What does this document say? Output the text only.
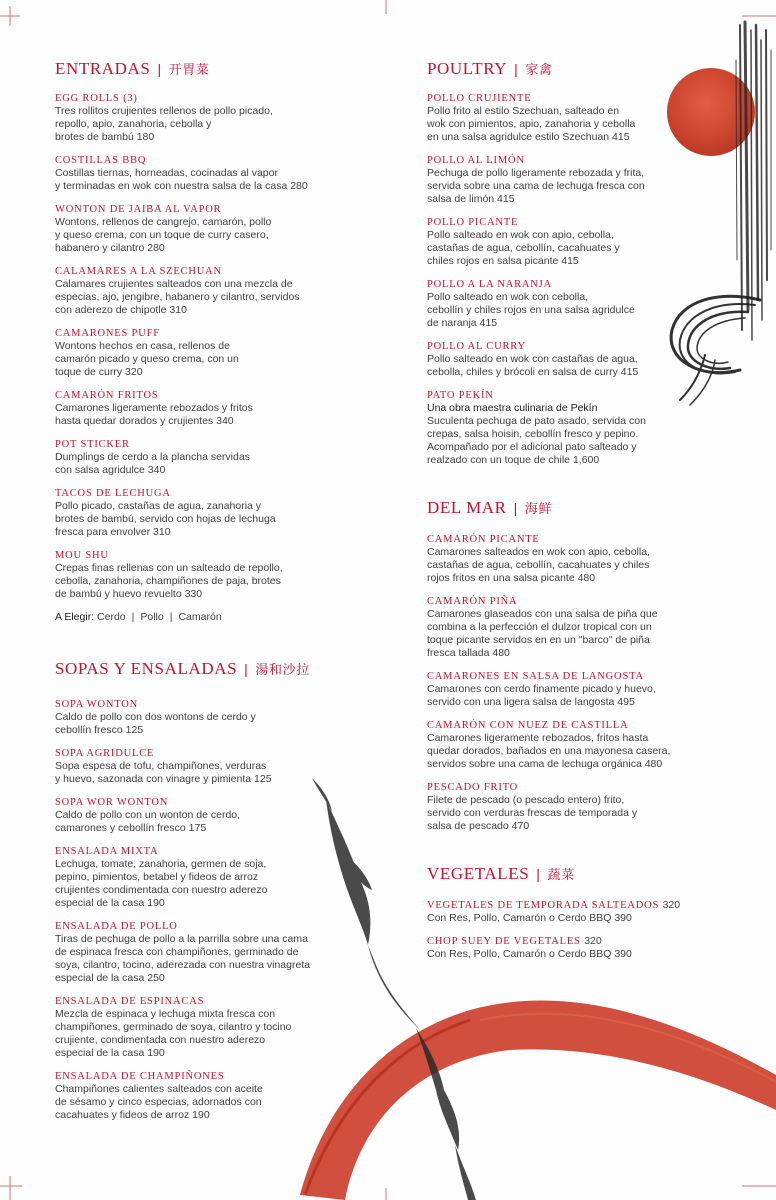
ENTRADAS | 开胃菜
EGG ROLLS (3)
Tres rollitos crujientes rellenos de pollo picado,
repollo, apio, zanahoria, cebolla y
brotes de bambú 180
COSTILLAS BBQ
Costillas tiernas, horneadas, cocinadas al vapor
y terminadas en wok con nuestra salsa de la casa 280
WONTON DE JAIBA AL VAPOR
Wontons, rellenos de cangrejo, camarón, pollo
y queso crema, con un toque de curry casero,
habanero y cilantro 280
CALAMARES A LA SZECHUAN
Calamares crujientes salteados con una mezcla de
especias, ajo, jengibre, habanero y cilantro, servidos
con aderezo de chipotle 310
CAMARONES PUFF
Wontons hechos en casa, rellenos de
camarón picado y queso crema, con un
toque de curry 320
CAMARÓN FRITOS
Camarones ligeramente rebozados y fritos
hasta quedar dorados y crujientes 340
POT STICKER
Dumplings de cerdo a la plancha servidas
con salsa agridulce 340
TACOS DE LECHUGA
Pollo picado, castañas de agua, zanahoria y
brotes de bambú, servido con hojas de lechuga
fresca para envolver 310
MOU SHU
Crepas finas rellenas con un salteado de repollo,
cebolla, zanahoria, champiñones de paja, brotes
de bambú y huevo revuelto 330
A Elegir: Cerdo | Pollo | Camarón
SOPAS Y ENSALADAS | 湯和沙拉
SOPA WONTON
Caldo de pollo con dos wontons de cerdo y
cebollín fresco 125
SOPA AGRIDULCE
Sopa espesa de tofu, champiñones, verduras
y huevo, sazonada con vinagre y pimienta 125
SOPA WOR WONTON
Caldo de pollo con un wonton de cerdo,
camarones y cebollín fresco 175
ENSALADA MIXTA
Lechuga, tomate, zanahoria, germen de soja,
pepino, pimientos, betabel y fideos de arroz
crujientes condimentada con nuestro aderezo
especial de la casa 190
ENSALADA DE POLLO
Tiras de pechuga de pollo a la parrilla sobre una cama
de espinaca fresca con champiñones, germinado de
soya, cilantro, tocino, aderezada con nuestra vinagreta
especial de la casa 250
ENSALADA DE ESPINACAS
Mezcla de espinaca y lechuga mixta fresca con
champiñones, germinado de soya, cilantro y tocino
crujiente, condimentada con nuestro aderezo
especial de la casa 190
ENSALADA DE CHAMPIÑONES
Champiñones calientes salteados con aceite
de sésamo y cinco especias, adornados con
cacahuates y fideos de arroz 190
POULTRY | 家禽
POLLO CRUJIENTE
Pollo frito al estilo Szechuan, salteado en
wok con pimientos, apio, zanahoria y cebolla
en una salsa agridulce estilo Szechuan 415
POLLO AL LIMÓN
Pechuga de pollo ligeramente rebozada y frita,
servida sobre una cama de lechuga fresca con
salsa de limón 415
POLLO PICANTE
Pollo salteado en wok con apio, cebolla,
castañas de agua, cebollín, cacahuates y
chiles rojos en salsa picante 415
POLLO A LA NARANJA
Pollo salteado en wok con cebolla,
cebollín y chiles rojos en una salsa agridulce
de naranja 415
POLLO AL CURRY
Pollo salteado en wok con castañas de agua,
cebolla, chiles y brócoli en salsa de curry 415
PATO PEKÍN
Una obra maestra culinaria de Pekín
Suculenta pechuga de pato asado, servida con
crepas, salsa hoisin, cebollín fresco y pepino.
Acompañado por el adicional pato salteado y
realzado con un toque de chile 1,600
DEL MAR | 海鲜
CAMARÓN PICANTE
Camarones salteados en wok con apio, cebolla,
castañas de agua, cebollín, cacahuates y chiles
rojos fritos en una salsa picante 480
CAMARÓN PIÑA
Camarones glaseados con una salsa de piña que
combina a la perfección el dulzor tropical con un
toque picante servidos en en un "barco" de piña
fresca tallada 480
CAMARONES EN SALSA DE LANGOSTA
Camarones con cerdo finamente picado y huevo,
servido con una ligera salsa de langosta 495
CAMARÓN CON NUEZ DE CASTILLA
Camarones ligeramente rebozados, fritos hasta
quedar dorados, bañados en una mayonesa casera,
servidos sobre una cama de lechuga orgánica 480
PESCADO FRITO
Filete de pescado (o pescado entero) frito,
servido con verduras frescas de temporada y
salsa de pescado 470
VEGETALES | 蔬菜
VEGETALES DE TEMPORADA SALTEADOS 320
Con Res, Pollo, Camarón o Cerdo BBQ 390
CHOP SUEY DE VEGETALES 320
Con Res, Pollo, Camarón o Cerdo BBQ 390
